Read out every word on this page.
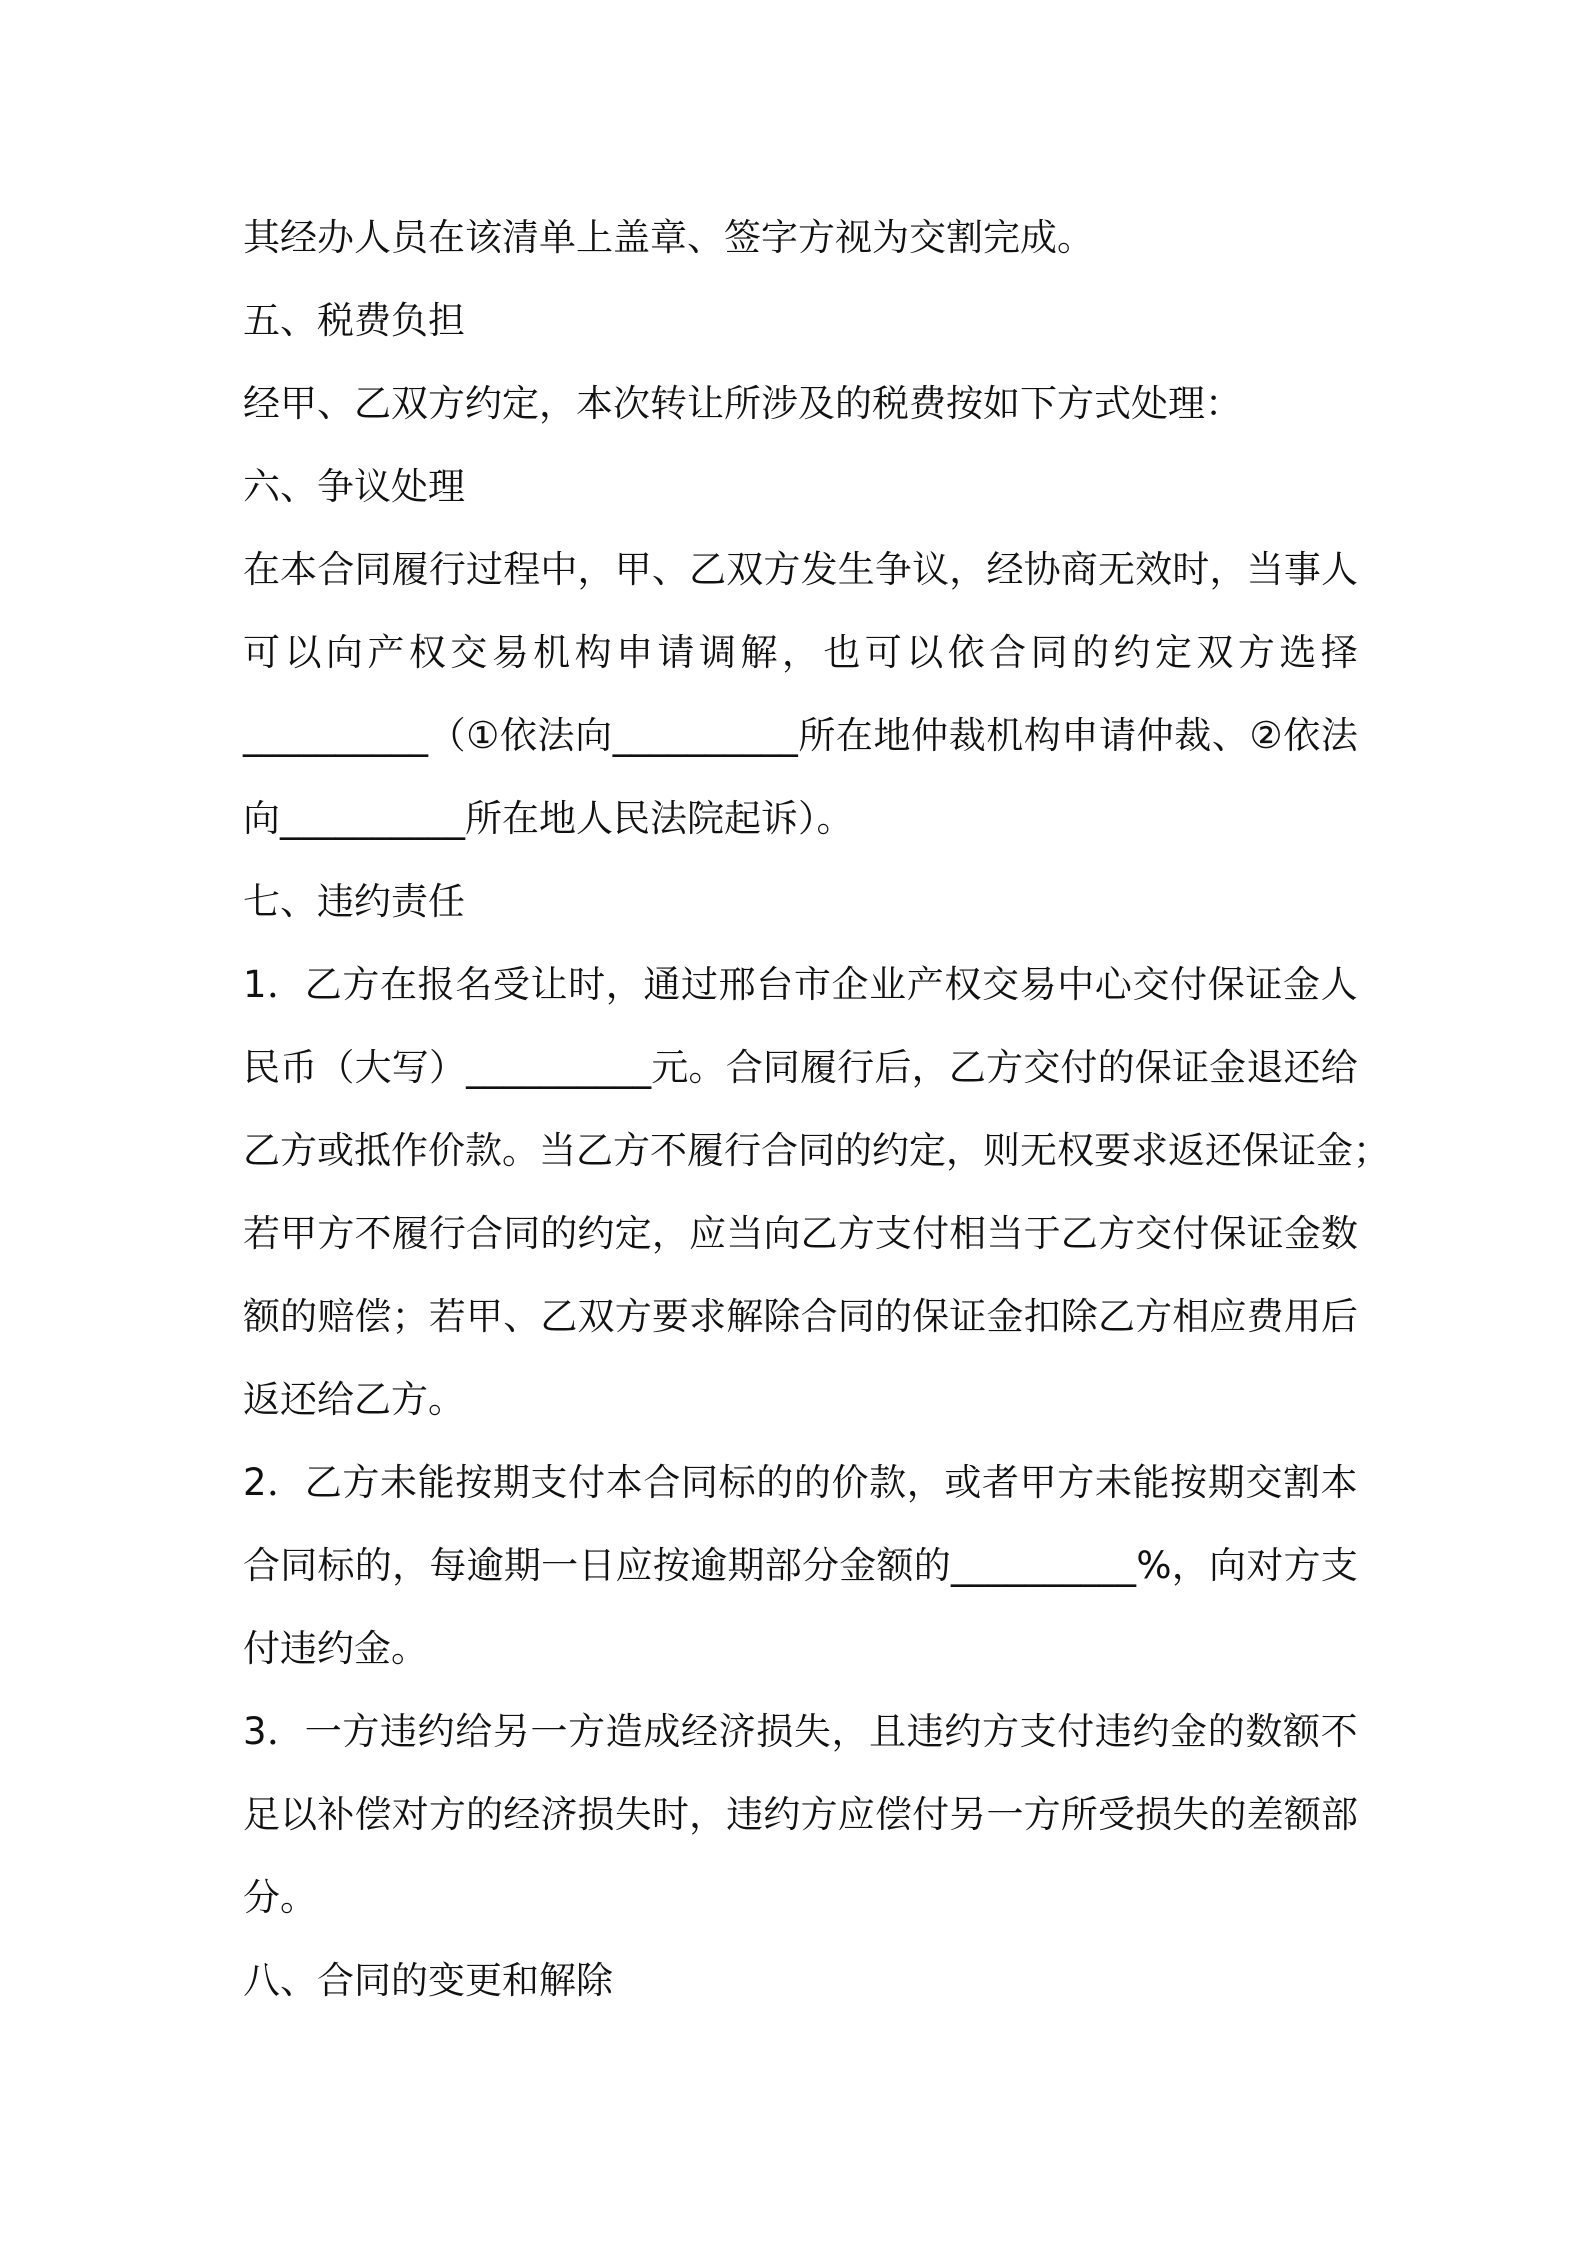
其经办人员在该清单上盖章、签字方视为交割完成。
五、税费负担
经甲、乙双方约定，本次转让所涉及的税费按如下方式处理：
六、争议处理
在 本 合 同 履 行 过 程 中 ， 甲 、 乙 双 方 发 生 争 议 ， 经 协 商 无 效 时 ， 当 事 人
可 以 向 产 权 交 易 机 构 申 请 调 解 ， 也 可 以 依 合 同 的 约 定 双 方 选 择
__________ （ ① 依 法 向 __________ 所 在 地 仲 裁 机 构 申 请 仲 裁 、 ② 依 法
向__________所在地人民法院起诉）。
七、违约责任
1 ． 乙 方 在 报 名 受 让 时 ， 通 过 邢 台 市 企 业 产 权 交 易 中 心 交 付 保 证 金 人
民 币 （ 大 写 ） __________ 元 。 合 同 履 行 后 ， 乙 方 交 付 的 保 证 金 退 还 给
乙 方 或 抵 作 价 款 。 当 乙 方 不 履 行 合 同 的 约 定 ， 则 无 权 要 求 返 还 保 证 金 ；
若 甲 方 不 履 行 合 同 的 约 定 ， 应 当 向 乙 方 支 付 相 当 于 乙 方 交 付 保 证 金 数
额 的 赔 偿 ； 若 甲 、 乙 双 方 要 求 解 除 合 同 的 保 证 金 扣 除 乙 方 相 应 费 用 后
返还给乙方。
2 ． 乙 方 未 能 按 期 支 付 本 合 同 标 的 的 价 款 ， 或 者 甲 方 未 能 按 期 交 割 本
合 同 标 的 ， 每 逾 期 一 日 应 按 逾 期 部 分 金 额 的 __________ % ， 向 对 方 支
付违约金。
3 ． 一 方 违 约 给 另 一 方 造 成 经 济 损 失 ， 且 违 约 方 支 付 违 约 金 的 数 额 不
足 以 补 偿 对 方 的 经 济 损 失 时 ， 违 约 方 应 偿 付 另 一 方 所 受 损 失 的 差 额 部
分。
八、合同的变更和解除
